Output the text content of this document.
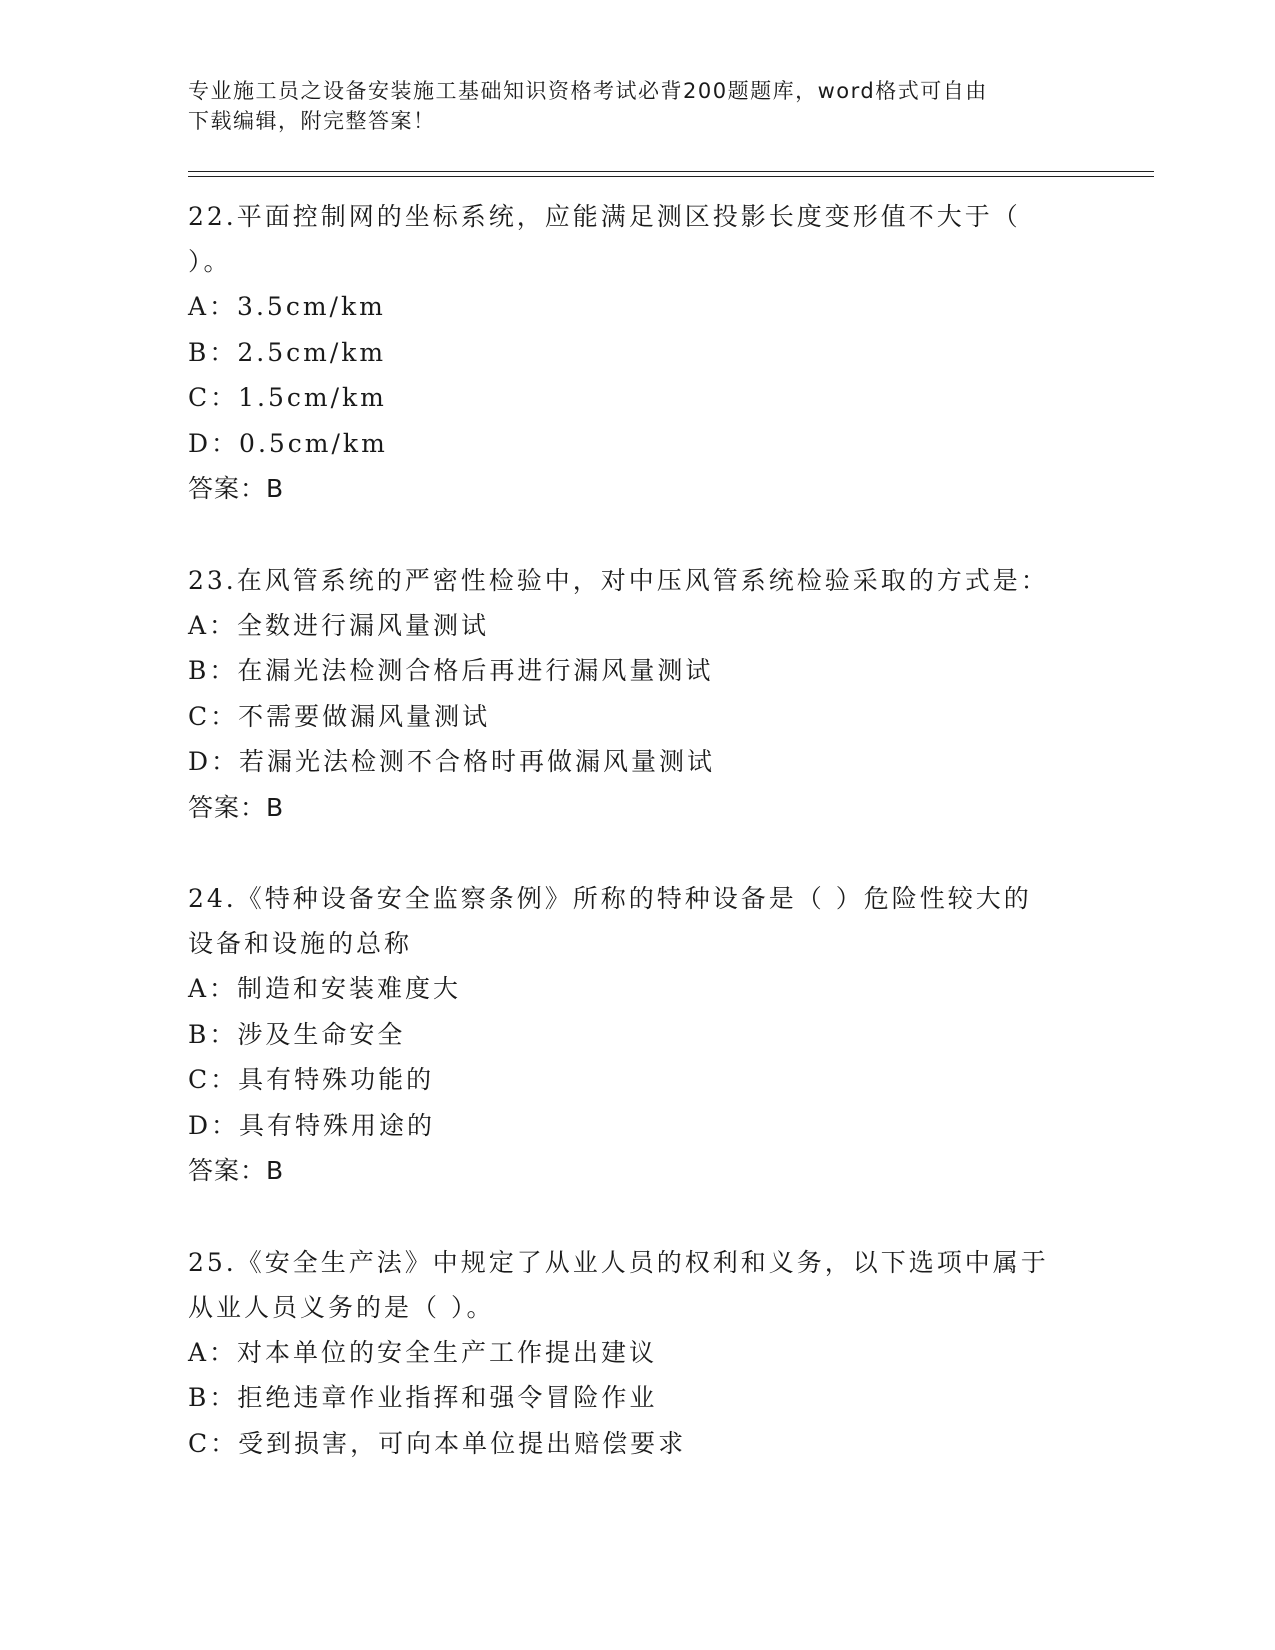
专业施工员之设备安装施工基础知识资格考试必背200题题库，word格式可自由
下载编辑，附完整答案！

22.平面控制网的坐标系统，应能满足测区投影长度变形值不大于（

）。

A：3.5cm/km

B：2.5cm/km

C：1.5cm/km

D：0.5cm/km

答案：B

23.在风管系统的严密性检验中，对中压风管系统检验采取的方式是：

A：全数进行漏风量测试

B：在漏光法检测合格后再进行漏风量测试

C：不需要做漏风量测试

D：若漏光法检测不合格时再做漏风量测试

答案：B

24.《特种设备安全监察条例》所称的特种设备是（ ）危险性较大的

设备和设施的总称

A：制造和安装难度大

B：涉及生命安全

C：具有特殊功能的

D：具有特殊用途的

答案：B

25.《安全生产法》中规定了从业人员的权利和义务，以下选项中属于

从业人员义务的是（ ）。

A：对本单位的安全生产工作提出建议

B：拒绝违章作业指挥和强令冒险作业

C：受到损害，可向本单位提出赔偿要求
